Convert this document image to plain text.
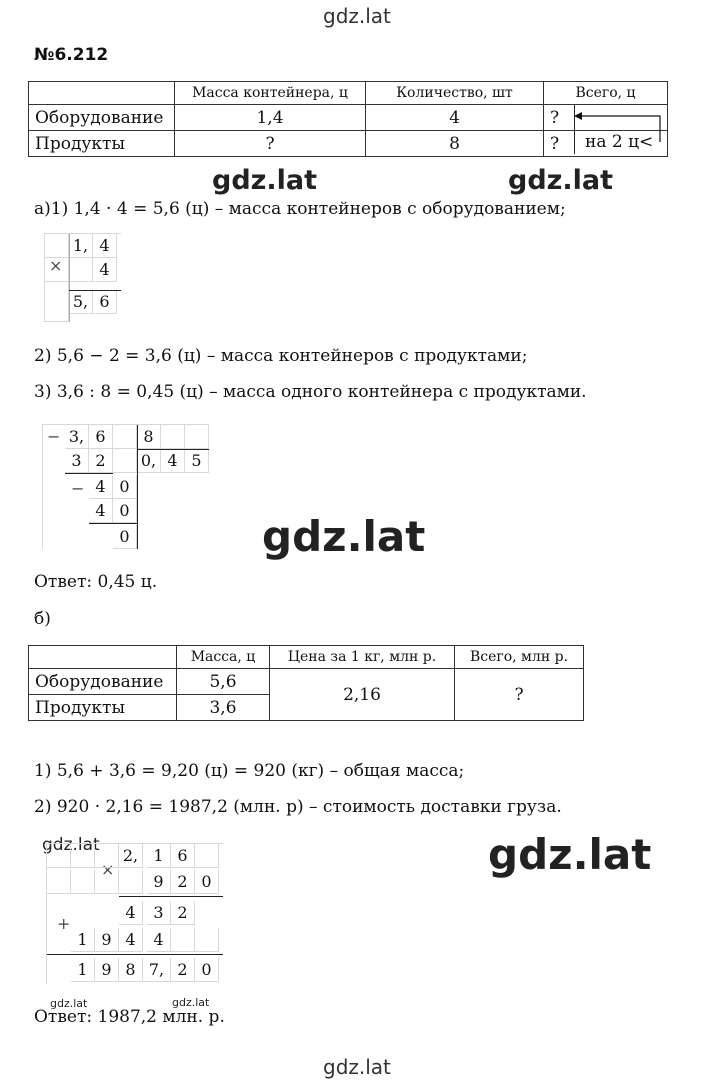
gdz.lat
gdz.lat	gdz.lat
gdz.lat
gdz.lat	gdz.lat
gdz.lat	gdz.lat
gdz.lat
№6.212
	Масса контейнера, ц	Количество, шт	Всего, ц
Оборудование	1,4	4	?
Продукты	?	8	? на 2 ц<
а)1) 1,4 · 4 = 5,6 (ц) – масса контейнеров с оборудованием;
1, 4
4
5, 6
×
2) 5,6 − 2 = 3,6 (ц) – масса контейнеров с продуктами;
3) 3,6 : 8 = 0,45 (ц) – масса одного контейнера с продуктами.
− 3, 6	8
3 2	0, 4 5
− 4 0
4 0
0
Ответ: 0,45 ц.
б)
	Масса, ц	Цена за 1 кг, млн р.	Всего, млн р.
Оборудование	5,6	2,16	?
Продукты	3,6		
1) 5,6 + 3,6 = 9,20 (ц) = 920 (кг) – общая масса;
2) 920 · 2,16 = 1987,2 (млн. р) – стоимость доставки груза.
×
+
2, 1 6
9 2 0
4	3 2
1 9 4	4
1 9 8 7, 2 0
Ответ: 1987,2 млн. р.
